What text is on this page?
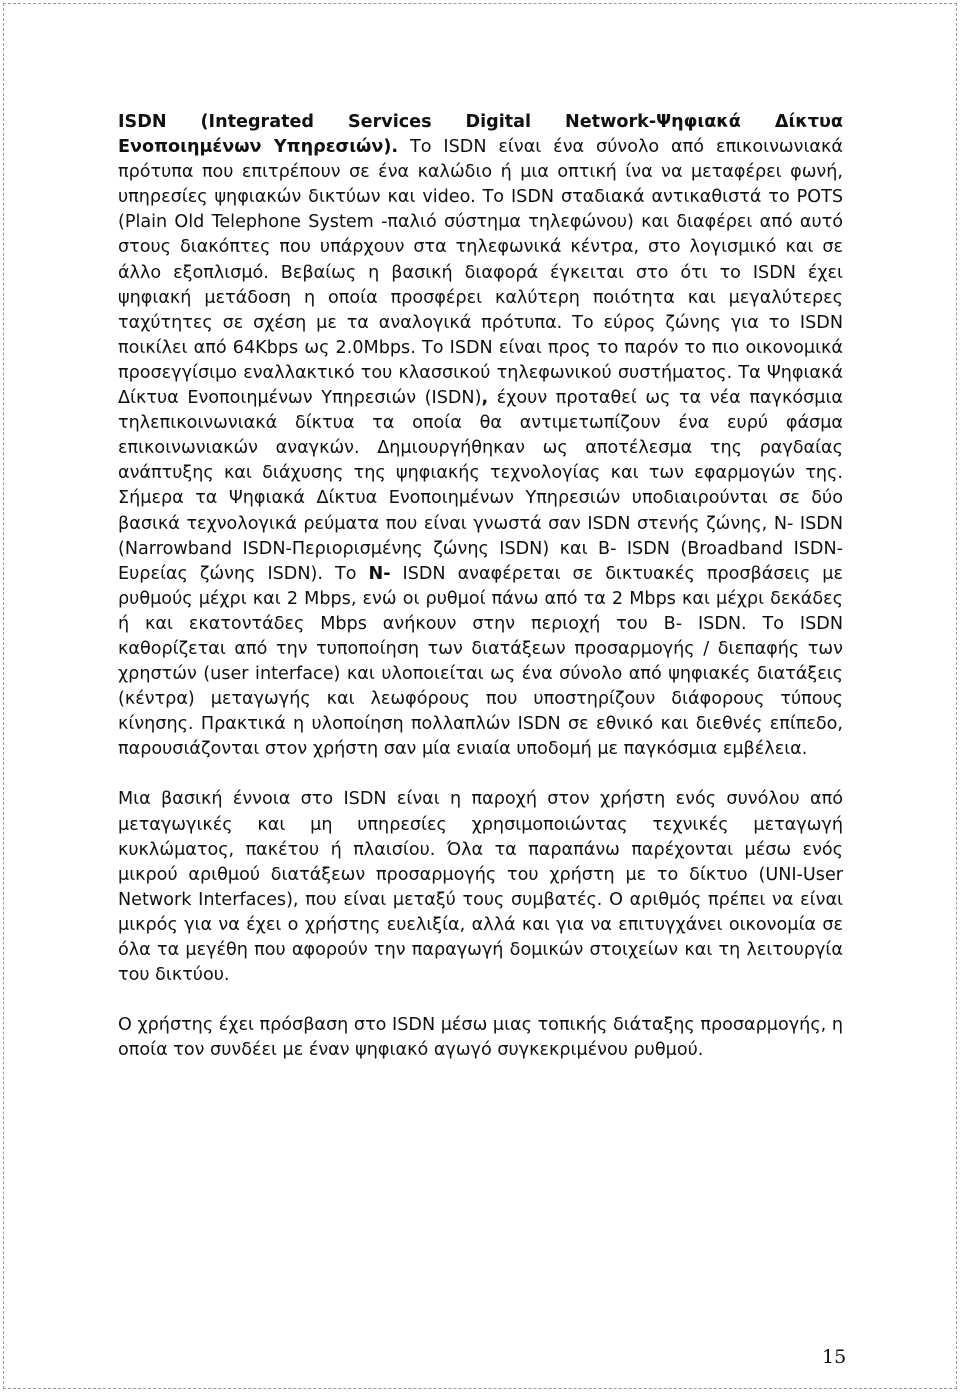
ISDN (Integrated Services Digital Network-Ψηφιακά Δίκτυα Ενοποιημένων Υπηρεσιών). Το ISDN είναι ένα σύνολο από επικοινωνιακά πρότυπα που επιτρέπουν σε ένα καλώδιο ή μια οπτική ίνα να μεταφέρει φωνή, υπηρεσίες ψηφιακών δικτύων και video. Το ISDN σταδιακά αντικαθιστά το POTS (Plain Old Telephone System -παλιό σύστημα τηλεφώνου) και διαφέρει από αυτό στους διακόπτες που υπάρχουν στα τηλεφωνικά κέντρα, στο λογισμικό και σε άλλο εξοπλισμό. Βεβαίως η βασική διαφορά έγκειται στο ότι το ISDN έχει ψηφιακή μετάδοση η οποία προσφέρει καλύτερη ποιότητα και μεγαλύτερες ταχύτητες σε σχέση με τα αναλογικά πρότυπα. Το εύρος ζώνης για το ISDN ποικίλει από 64Kbps ως 2.0Mbps. Το ISDN είναι προς το παρόν το πιο οικονομικά προσεγγίσιμο εναλλακτικό του κλασσικού τηλεφωνικού συστήματος. Τα Ψηφιακά Δίκτυα Ενοποιημένων Υπηρεσιών (ISDN), έχουν προταθεί ως τα νέα παγκόσμια τηλεπικοινωνιακά δίκτυα τα οποία θα αντιμετωπίζουν ένα ευρύ φάσμα επικοινωνιακών αναγκών. Δημιουργήθηκαν ως αποτέλεσμα της ραγδαίας ανάπτυξης και διάχυσης της ψηφιακής τεχνολογίας και των εφαρμογών της. Σήμερα τα Ψηφιακά Δίκτυα Ενοποιημένων Υπηρεσιών υποδιαιρούνται σε δύο βασικά τεχνολογικά ρεύματα που είναι γνωστά σαν ISDN στενής ζώνης, Ν- ISDN (Narrowband ISDN-Περιορισμένης ζώνης ISDN) και Β- ISDN (Broadband ISDN- Ευρείας ζώνης ISDN). Το Ν- ISDN αναφέρεται σε δικτυακές προσβάσεις με ρυθμούς μέχρι και 2 Mbps, ενώ οι ρυθμοί πάνω από τα 2 Mbps και μέχρι δεκάδες ή και εκατοντάδες Mbps ανήκουν στην περιοχή του Β- ISDN. Το ISDN καθορίζεται από την τυποποίηση των διατάξεων προσαρμογής / διεπαφής των χρηστών (user interface) και υλοποιείται ως ένα σύνολο από ψηφιακές διατάξεις (κέντρα) μεταγωγής και λεωφόρους που υποστηρίζουν διάφορους τύπους κίνησης. Πρακτικά η υλοποίηση πολλαπλών ISDN σε εθνικό και διεθνές επίπεδο, παρουσιάζονται στον χρήστη σαν μία ενιαία υποδομή με παγκόσμια εμβέλεια.

Μια βασική έννοια στο ISDN είναι η παροχή στον χρήστη ενός συνόλου από μεταγωγικές και μη υπηρεσίες χρησιμοποιώντας τεχνικές μεταγωγή κυκλώματος, πακέτου ή πλαισίου. Όλα τα παραπάνω παρέχονται μέσω ενός μικρού αριθμού διατάξεων προσαρμογής του χρήστη με το δίκτυο (UNI-User Network Interfaces), που είναι μεταξύ τους συμβατές. Ο αριθμός πρέπει να είναι μικρός για να έχει ο χρήστης ευελιξία, αλλά και για να επιτυγχάνει οικονομία σε όλα τα μεγέθη που αφορούν την παραγωγή δομικών στοιχείων και τη λειτουργία του δικτύου.

Ο χρήστης έχει πρόσβαση στο ISDN μέσω μιας τοπικής διάταξης προσαρμογής, η οποία τον συνδέει με έναν ψηφιακό αγωγό συγκεκριμένου ρυθμού.

15
